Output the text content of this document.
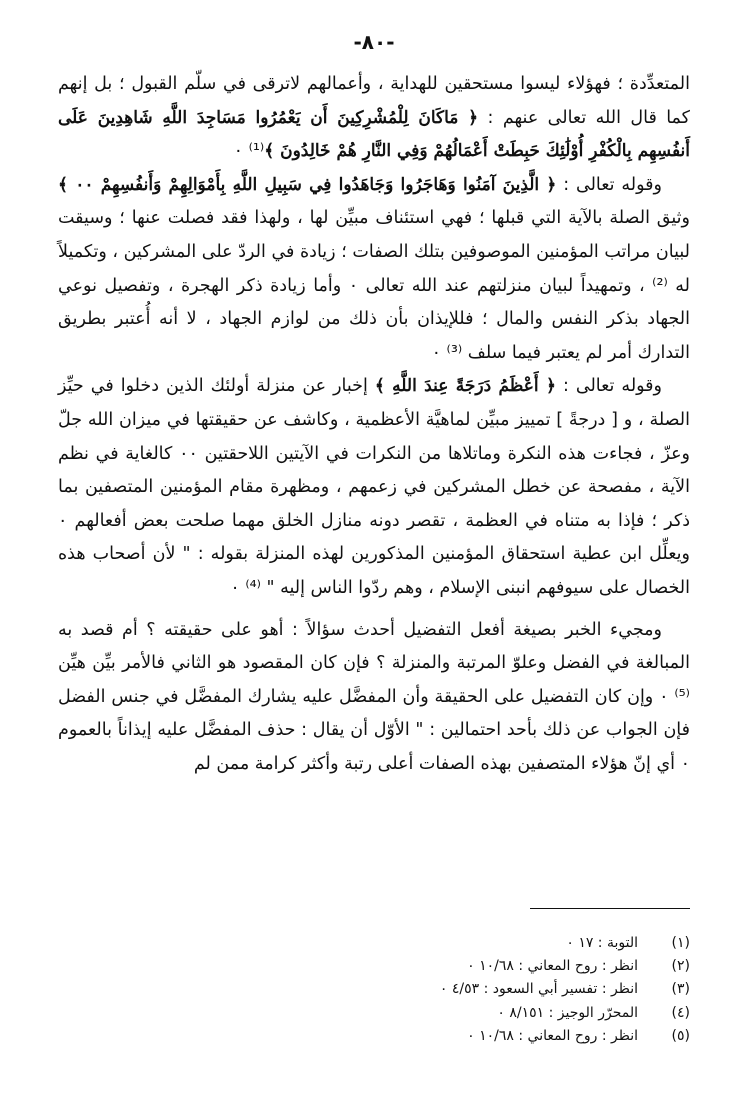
-٨٠-

المتعدِّدة ؛ فهؤلاء ليسوا مستحقين للهداية ، وأعمالهم لاترقى في سلّم القبول ؛ بل إنهم كما قال الله تعالى عنهم : ﴿ مَاكَانَ لِلْمُشْرِكِينَ أَن يَعْمُرُوا مَسَاجِدَ اللَّهِ شَاهِدِينَ عَلَى أَنفُسِهِم بِالْكُفْرِ أُوْلَٰئِكَ حَبِطَتْ أَعْمَالُهُمْ وَفِي النَّارِ هُمْ خَالِدُونَ ﴾⁽¹⁾ ٠

وقوله تعالى : ﴿ الَّذِينَ آمَنُوا وَهَاجَرُوا وَجَاهَدُوا فِي سَبِيلِ اللَّهِ بِأَمْوَالِهِمْ وَأَنفُسِهِمْ ٠٠ ﴾ وثيق الصلة بالآية التي قبلها ؛ فهي استئناف مبيِّن لها ، ولهذا فقد فصلت عنها ؛ وسيقت لبيان مراتب المؤمنين الموصوفين بتلك الصفات ؛ زيادة في الردّ على المشركين ، وتكميلاً له ⁽²⁾ ، وتمهيداً لبيان منزلتهم عند الله تعالى ٠ وأما زيادة ذكر الهجرة ، وتفصيل نوعي الجهاد بذكر النفس والمال ؛ فللإيذان بأن ذلك من لوازم الجهاد ، لا أنه أُعتبر بطريق التدارك أمر لم يعتبر فيما سلف ⁽³⁾ ٠

وقوله تعالى : ﴿ أَعْظَمُ دَرَجَةً عِندَ اللَّهِ ﴾ إخبار عن منزلة أولئك الذين دخلوا في حيِّز الصلة ، و [ درجةً ] تمييز مبيِّن لماهيَّة الأعظمية ، وكاشف عن حقيقتها في ميزان الله جلّ وعزّ ، فجاءت هذه النكرة وماتلاها من النكرات في الآيتين اللاحقتين ٠٠ كالغاية في نظم الآية ، مفصحة عن خطل المشركين في زعمهم ، ومظهرة مقام المؤمنين المتصفين بما ذكر ؛ فإذا به متناه في العظمة ، تقصر دونه منازل الخلق مهما صلحت بعض أفعالهم ٠ ويعلِّل ابن عطية استحقاق المؤمنين المذكورين لهذه المنزلة بقوله : " لأن أصحاب هذه الخصال على سيوفهم انبنى الإسلام ، وهم ردّوا الناس إليه " ⁽⁴⁾ ٠

ومجيء الخبر بصيغة أفعل التفضيل أحدث سؤالاً : أهو على حقيقته ؟ أم قصد به المبالغة في الفضل وعلوّ المرتبة والمنزلة ؟ فإن كان المقصود هو الثاني فالأمر بيِّن هيِّن ⁽⁵⁾ ٠ وإن كان التفضيل على الحقيقة وأن المفضَّل عليه يشارك المفضَّل في جنس الفضل فإن الجواب عن ذلك بأحد احتمالين : " الأوّل أن يقال : حذف المفضَّل عليه إيذاناً بالعموم ٠ أي إنّ هؤلاء المتصفين بهذه الصفات أعلى رتبة وأكثر كرامة ممن لم

(١)
التوبة : ١٧ ٠
(٢)
انظر : روح المعاني : ١٠/٦٨ ٠
(٣)
انظر : تفسير أبي السعود : ٤/٥٣ ٠
(٤)
المحرّر الوجيز : ٨/١٥١ ٠
(٥)
انظر : روح المعاني : ١٠/٦٨ ٠
